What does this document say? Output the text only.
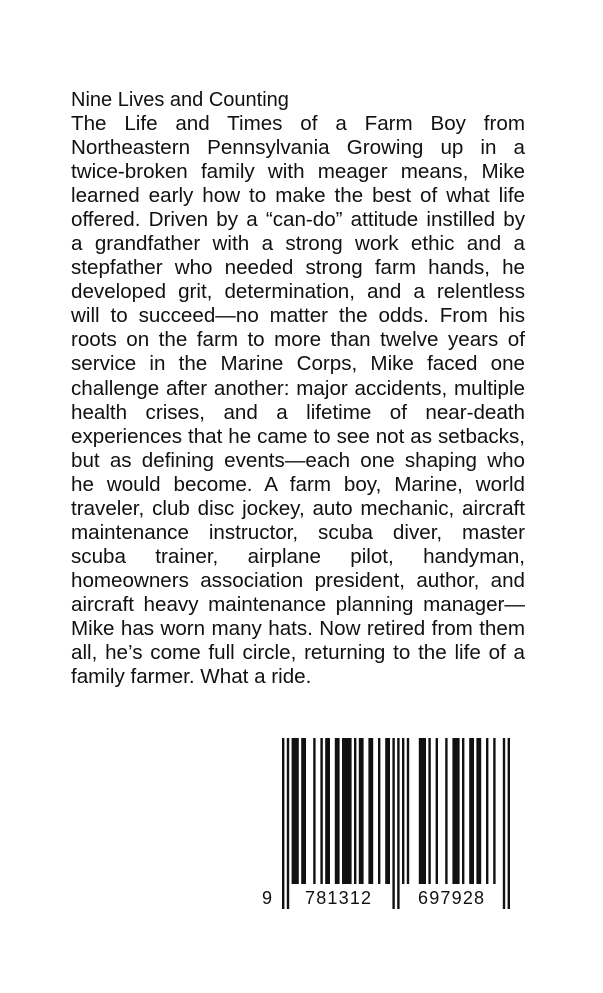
Nine Lives and Counting

The Life and Times of a Farm Boy from Northeastern Pennsylvania Growing up in a twice-broken family with meager means, Mike learned early how to make the best of what life offered. Driven by a “can-do” attitude instilled by a grandfather with a strong work ethic and a stepfather who needed strong farm hands, he developed grit, determination, and a relentless will to succeed—no matter the odds. From his roots on the farm to more than twelve years of service in the Marine Corps, Mike faced one challenge after another: major accidents, multiple health crises, and a lifetime of near-death experiences that he came to see not as setbacks, but as defining events—each one shaping who he would become. A farm boy, Marine, world traveler, club disc jockey, auto mechanic, aircraft maintenance instructor, scuba diver, master scuba trainer, airplane pilot, handyman, homeowners association president, author, and aircraft heavy maintenance planning manager—Mike has worn many hats. Now retired from them all, he’s come full circle, returning to the life of a family farmer. What a ride.

9 781312	697928
